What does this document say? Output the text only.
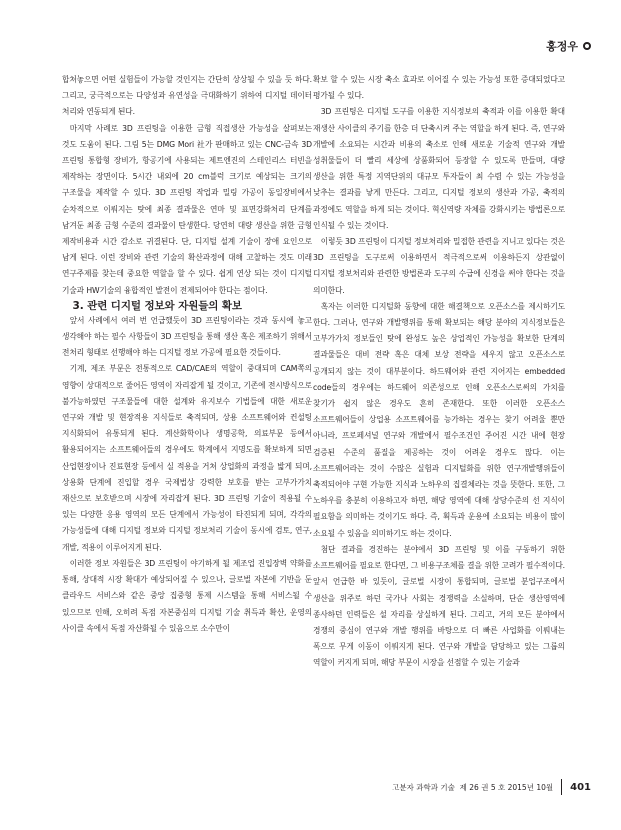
홍정우

합쳐놓으면 어떤 실험들이 가능할 것인지는 간단히 상상될 수 있을 듯 하다. 그리고, 궁극적으로는 다양성과 유연성을 극대화하기 위하여 디지털 데이터 처리와 연동되게 된다.

마지막 사례로 3D 프린팅을 이용한 금형 직접생산 가능성을 살펴보는 것도 도움이 된다. 그림 5는 DMG Mori 社가 판매하고 있는 CNC-금속 3D 프린팅 통합형 장비가, 항공기에 사용되는 제트엔진의 스테인리스 터빈을 제작하는 장면이다. 5시간 내외에 20 cm블럭 크기로 예상되는 크기의 구조물을 제작할 수 있다. 3D 프린팅 작업과 밀링 가공이 동일장비에서 순차적으로 이뤄지는 탓에 최종 결과물은 연마 및 표면강화처리 단계를 남겨둔 최종 금형 수준의 결과물이 탄생한다. 당연히 대량 생산을 위한 금형 제작비용과 시간 감소로 귀결된다. 단, 디지털 설계 기술이 장애 요인으로 남게 된다. 이런 장비와 관련 기술의 확산과정에 대해 고찰하는 것도 미래 연구주제를 찾는데 중요한 역할을 할 수 있다. 쉽게 연상 되는 것이 디지털 기술과 HW기술의 융합적인 발전이 전제되어야 한다는 점이다.

3. 관련 디지털 정보와 자원들의 확보

앞서 사례에서 여러 번 언급했듯이 3D 프린팅이라는 것과 동시에 놓고 생각해야 하는 필수 사항들이 3D 프린팅을 통해 생산 혹은 제조하기 위해서 전처리 형태로 선행해야 하는 디지털 정보 가공에 필요한 것들이다.

기계, 제조 부문은 전통적으로 CAD/CAE의 역할이 중대되며 CAM쪽의 영향이 상대적으로 줄어든 영역이 자리잡게 될 것이고, 기존에 전시방식으로 불가능하였던 구조물들에 대한 설계와 유지보수 기법들에 대한 새로운 연구와 개발 및 현장적용 지식들로 축적되며, 상용 소프트웨어와 컨설팅 지식화되어 유통되게 된다. 계산화학이나 생명공학, 의료부문 등에서 활용되어지는 소프트웨어들의 경우에도 학계에서 지명도를 확보하게 되면 산업현장이나 진료현장 등에서 실 적용을 거쳐 상업화의 과정을 밟게 되며, 상용화 단계에 진입할 경우 국제법상 강력한 보호를 받는 고부가가치 재산으로 보호받으며 시장에 자리잡게 된다. 3D 프린팅 기술이 적용될 수 있는 다양한 응용 영역의 모든 단계에서 가능성이 타진되게 되며, 각각의 가능성들에 대해 디지털 정보와 디지털 정보처리 기술이 동시에 검토, 연구, 개발, 적용이 이루어지게 된다.

이러한 정보 자원들은 3D 프린팅이 야기하게 될 제조업 진입장벽 약화를 통해, 상대적 시장 확대가 예상되어질 수 있으나, 글로벌 자본에 기반을 둔 클라우드 서비스와 같은 중앙 집중형 통제 시스템을 통해 서비스될 수 있으므로 인해, 오히려 독점 자본중심의 디지털 기술 취득과 확산, 운영의 사이클 속에서 독점 자산화될 수 있음으로 소수만이

확보 할 수 있는 시장 축소 효과로 이어질 수 있는 가능성 또한 증대되었다고 평가될 수 있다.

3D 프린팅은 디지털 도구를 이용한 지식정보의 축적과 이를 이용한 확대 재생산 사이클의 주기를 한층 더 단축시켜 주는 역할을 하게 된다. 즉, 연구와 개발에 소요되는 시간과 비용의 축소로 인해 새로운 기술적 연구와 개발 성취물들이 더 빨리 세상에 상품화되어 등장할 수 있도록 만들며, 대량 생산을 위한 특정 지역단위의 대규모 투자들이 최 수렴 수 있는 가능성을 낮추는 결과를 낳게 만든다. 그리고, 디지털 정보의 생산과 가공, 축적의 과정에도 역할을 하게 되는 것이다. 혁신역량 자체를 강화시키는 방법론으로 인식될 수 있는 것이다.

이렇듯 3D 프린팅이 디지털 정보처리와 밀접한 관련을 지니고 있다는 것은 3D 프린팅을 도구로써 이용하면서 적극적으로써 이용하든지 상관없이 디지털 정보처리와 관련한 방법론과 도구의 수급에 신경을 써야 한다는 것을 의미한다.

혹자는 이러한 디지털화 동향에 대한 해결책으로 오픈소스를 제시하기도 한다. 그러나, 연구와 개발행위를 통해 확보되는 해당 분야의 지식정보들은 고부가가치 정보들인 탓에 완성도 높은 상업적인 가능성을 확보한 단계의 결과물들은 대비 전략 혹은 대체 보상 전략을 세우지 않고 오픈소스로 공개되지 않는 것이 대부분이다. 하드웨어와 관련 지어지는 embedded code들의 경우에는 하드웨어 의존성으로 인해 오픈소스로써의 가치를 찾기가 쉽지 않은 경우도 흔히 존재한다. 또한 이러한 오픈소스 소프트웨어들이 상업용 소프트웨어를 능가하는 경우는 찾기 어려울 뿐만 아니라, 프로페셔널 연구와 개발에서 필수조건인 주어진 시간 내에 현장 검증된 수준의 품질을 제공하는 것이 어려운 경우도 많다. 이는 소프트웨어라는 것이 수많은 실험과 디지털화를 위한 연구개발행위들이 축적되어야 구현 가능한 지식과 노하우의 집결체라는 것을 뜻한다. 또한, 그 노하우를 충분히 이용하고자 하면, 해당 영역에 대해 상당수준의 선 지식이 필요함을 의미하는 것이기도 하다. 즉, 획득과 운용에 소요되는 비용이 많이 소요될 수 있음을 의미하기도 하는 것이다.

첨단 결과를 경진하는 분야에서 3D 프린팅 및 이를 구동하기 위한 소프트웨어를 필요로 한다면, 그 비용구조체를 결을 위한 고려가 필수적이다. 앞서 언급한 바 있듯이, 글로벌 시장이 통합되며, 글로벌 분업구조에서 생산을 위주로 하던 국가나 사회는 경쟁력을 소실하며, 단순 생산영역에 종사하던 인력들은 설 자리를 상실하게 된다. 그리고, 거의 모든 분야에서 경쟁의 중심이 연구와 개발 행위를 바탕으로 더 빠른 사업화를 이뤄내는 폭으로 무게 이동이 이뤄지게 된다. 연구와 개발을 담당하고 있는 그룹의 역할이 커지게 되며, 해당 부문이 시장을 선점할 수 있는 기술과

고분자 과학과 기술
제 26 권 5 호 2015년 10월 401
